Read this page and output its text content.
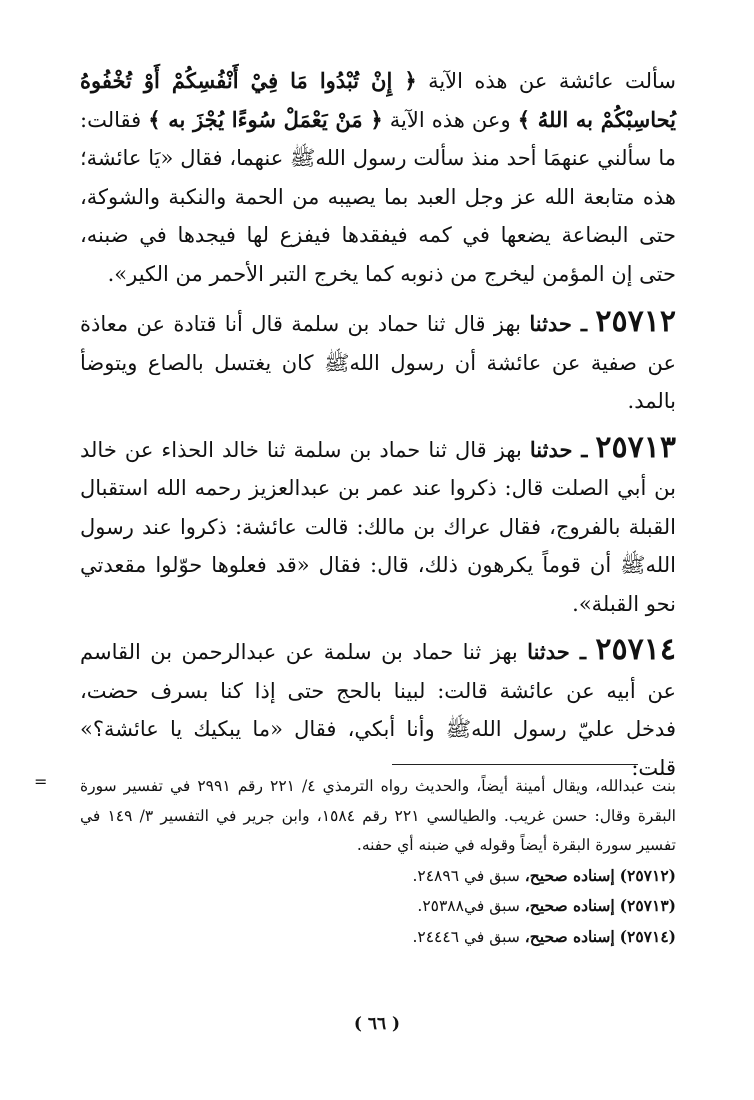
سألت عائشة عن هذه الآية ﴿ إِنْ تُبْدُوا مَا فِيْ أَنْفُسِكُمْ أَوْ تُخْفُوهُ يُحاسِبْكُمْ به اللهُ ﴾ وعن هذه الآية ﴿ مَنْ يَعْمَلْ سُوءًا يُجْزَ به ﴾ فقالت: ما سألني عنهمَا أحد منذ سألت رسول اللهﷺ عنهما، فقال «يَا عائشة؛ هذه متابعة الله عز وجل العبد بما يصيبه من الحمة والنكبة والشوكة، حتى البضاعة يضعها في كمه فيفقدها فيفزع لها فيجدها في ضبنه، حتى إن المؤمن ليخرج من ذنوبه كما يخرج التبر الأحمر من الكير».

٢٥٧١٢ ـ حدثنا بهز قال ثنا حماد بن سلمة قال أنا قتادة عن معاذة عن صفية عن عائشة أن رسول اللهﷺ كان يغتسل بالصاع ويتوضأ بالمد.

٢٥٧١٣ ـ حدثنا بهز قال ثنا حماد بن سلمة ثنا خالد الحذاء عن خالد بن أبي الصلت قال: ذكروا عند عمر بن عبدالعزيز رحمه الله استقبال القبلة بالفروج، فقال عراك بن مالك: قالت عائشة: ذكروا عند رسول اللهﷺ أن قوماً يكرهون ذلك، قال: فقال «قد فعلوها حوّلوا مقعدتي نحو القبلة».

٢٥٧١٤ ـ حدثنا بهز ثنا حماد بن سلمة عن عبدالرحمن بن القاسم عن أبيه عن عائشة قالت: لبينا بالحج حتى إذا كنا بسرف حضت، فدخل عليّ رسول اللهﷺ وأنا أبكي، فقال «ما يبكيك يا عائشة؟» قلت:

= بنت عبدالله، ويقال أمينة أيضاً، والحديث رواه الترمذي ٤/ ٢٢١ رقم ٢٩٩١ في تفسير سورة البقرة وقال: حسن غريب. والطيالسي ٢٢١ رقم ١٥٨٤، وابن جرير في التفسير ٣/ ١٤٩ في تفسير سورة البقرة أيضاً وقوله في ضبنه أي حفنه.

(٢٥٧١٢) إسناده صحيح، سبق في ٢٤٨٩٦.

(٢٥٧١٣) إسناده صحيح، سبق في٢٥٣٨٨.

(٢٥٧١٤) إسناده صحيح، سبق في ٢٤٤٤٦.

( ٦٦ )
